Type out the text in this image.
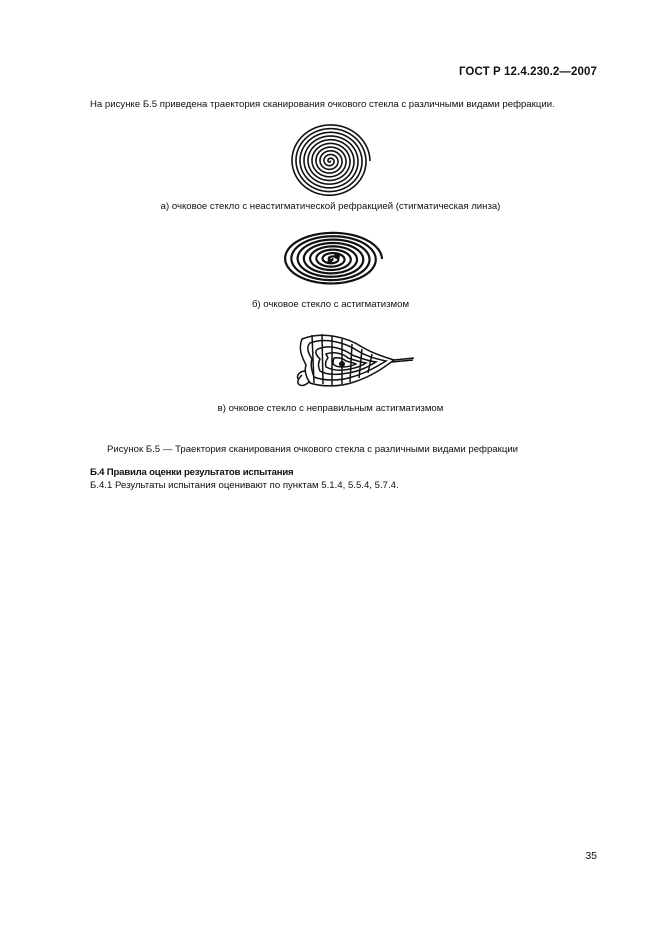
ГОСТ Р 12.4.230.2—2007
На рисунке Б.5 приведена траектория сканирования очкового стекла с различными видами рефракции.
а) очковое стекло с неастигматической рефракцией (стигматическая линза)
б) очковое стекло с астигматизмом
в) очковое стекло с неправильным астигматизмом
Рисунок Б.5 — Траектория сканирования очкового стекла с различными видами рефракции
Б.4 Правила оценки результатов испытания
Б.4.1 Результаты испытания оценивают по пунктам 5.1.4, 5.5.4, 5.7.4.
35
